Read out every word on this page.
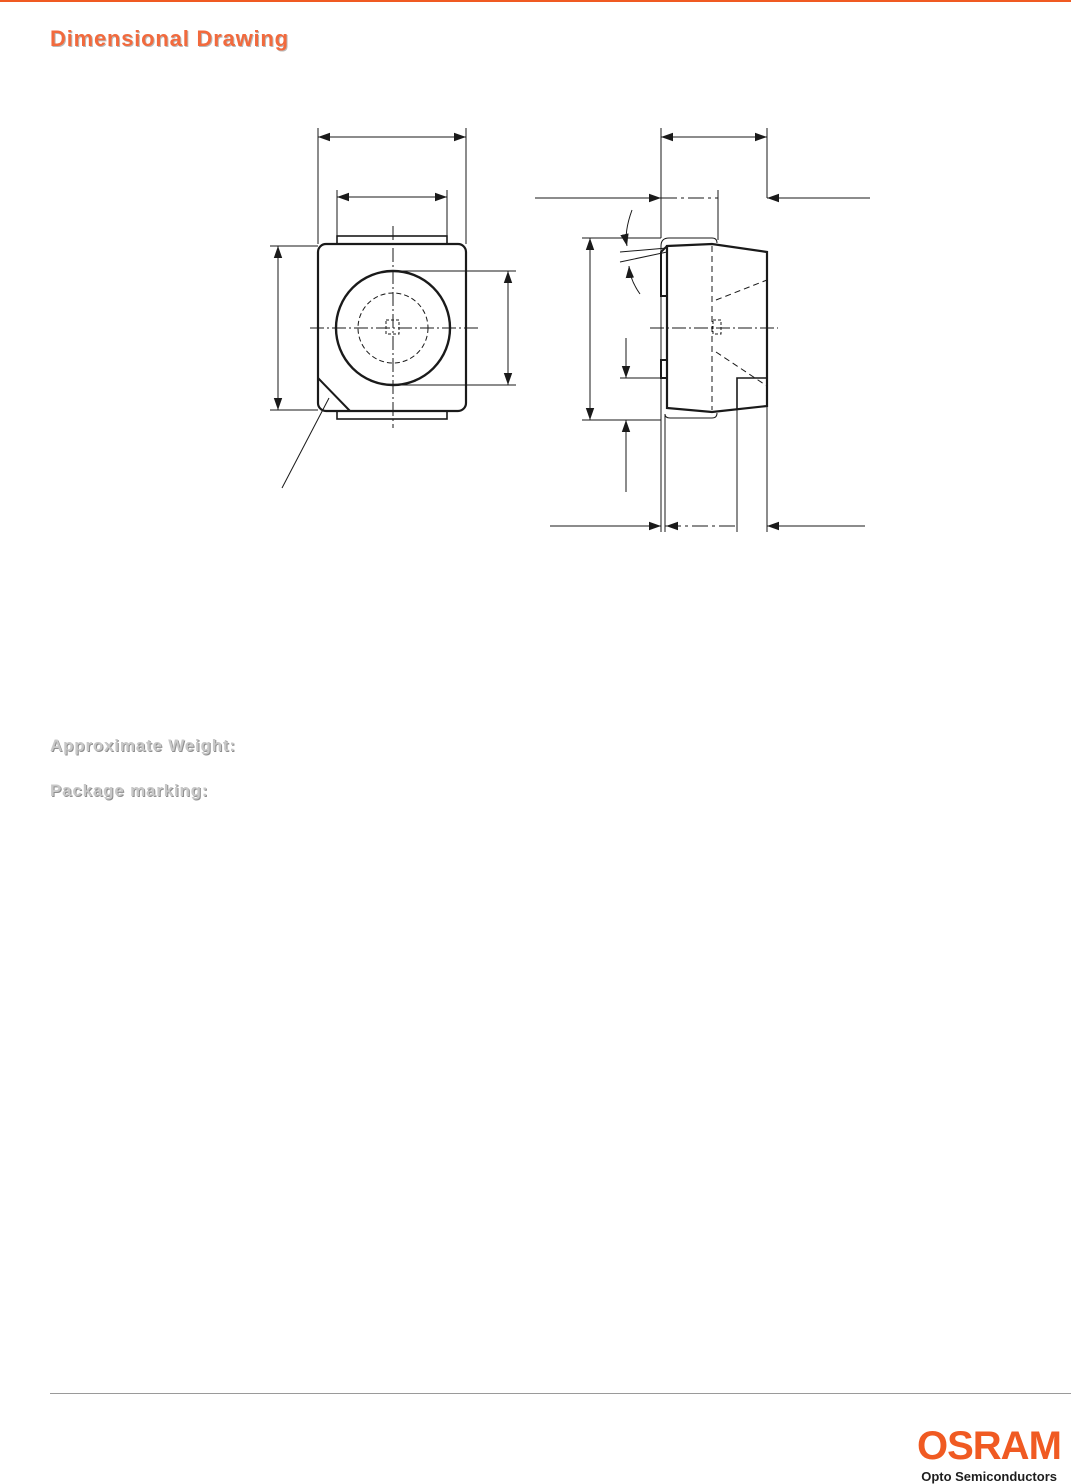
Dimensional Drawing
Approximate Weight:
Package marking:
OSRAM
Opto Semiconductors
